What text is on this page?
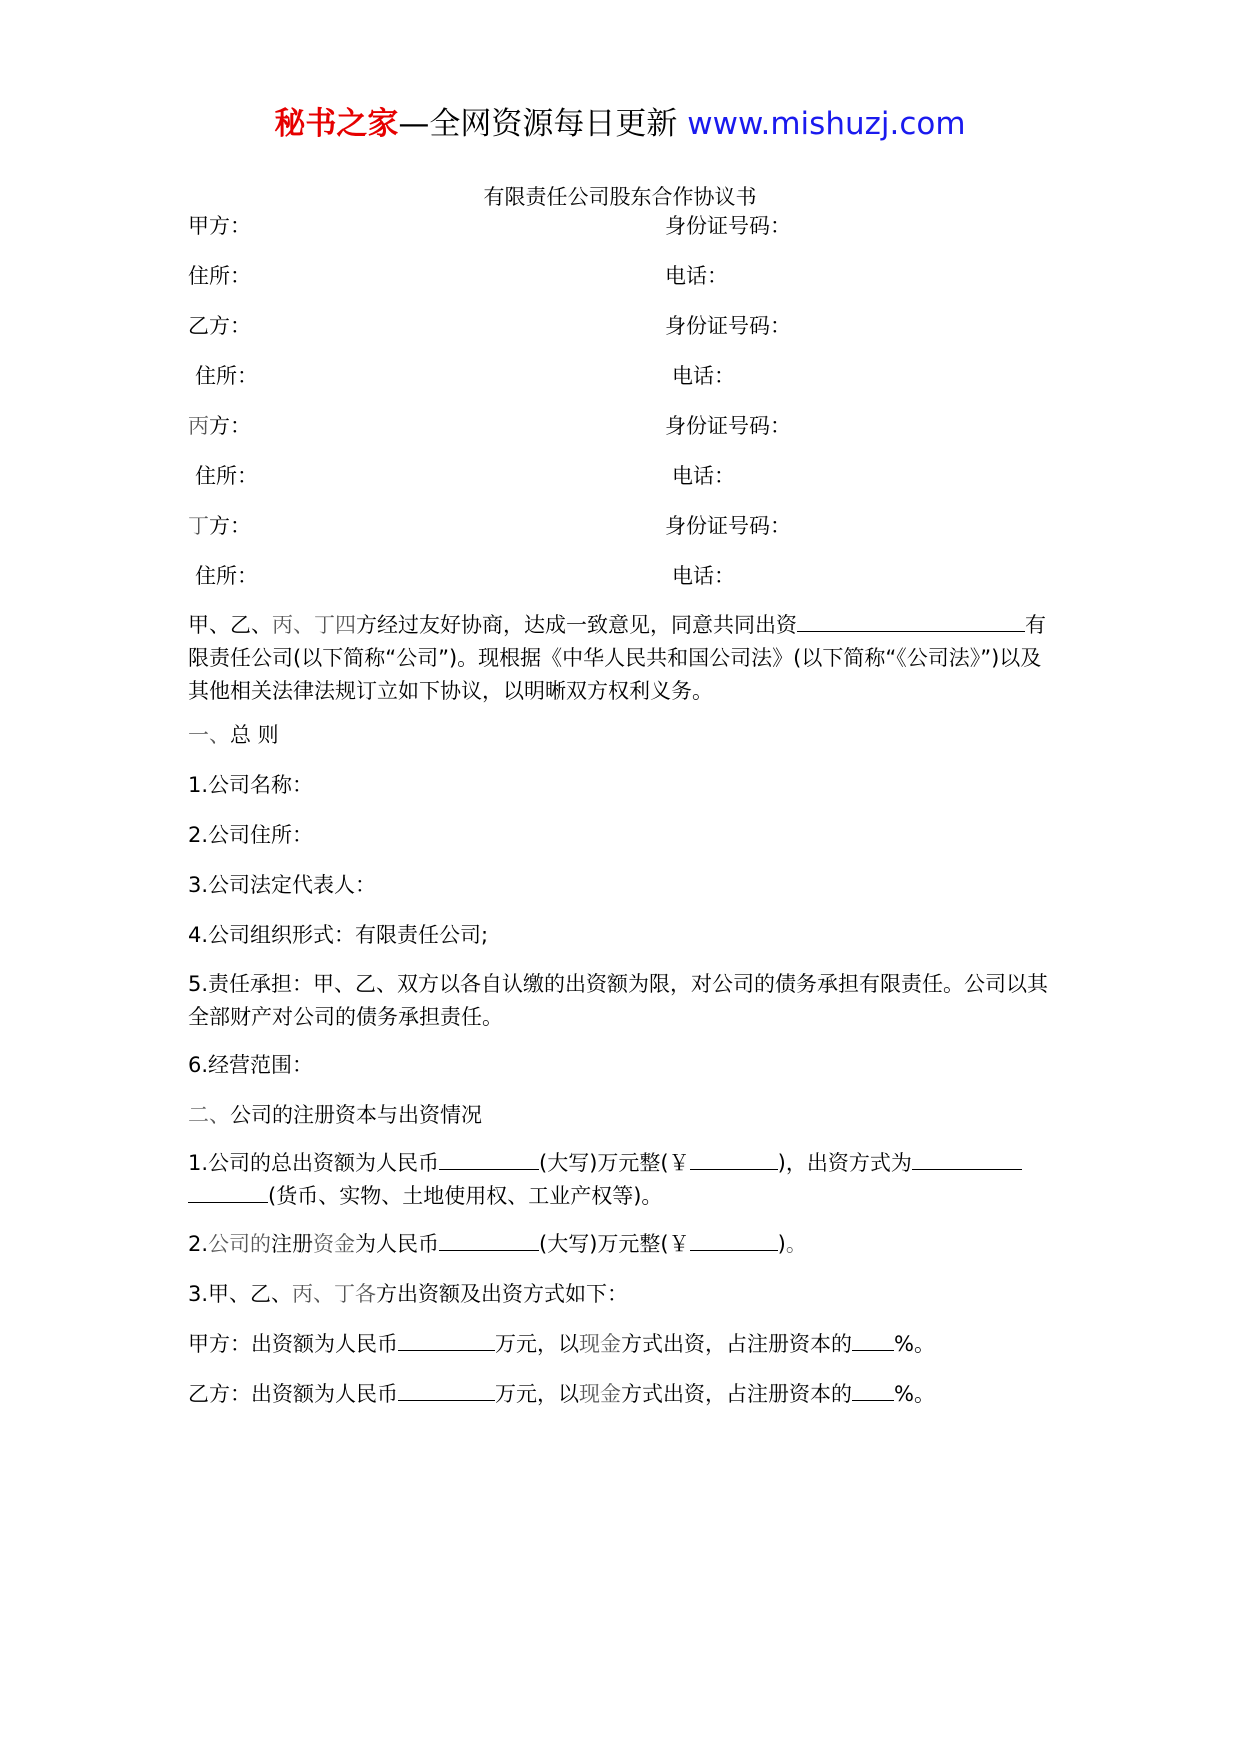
秘书之家—全网资源每日更新 www.mishuzj.com
有限责任公司股东合作协议书
甲方：	身份证号码：
住所：	电话：
乙方：	身份证号码：
住所：	电话：
丙方：	身份证号码：
住所：	电话：
丁方：	身份证号码：
住所：	电话：
甲、乙、丙、丁四方经过友好协商，达成一致意见，同意共同出资	有限责任公司(以下简称“公司”)。现根据《中华人民共和国公司法》(以下简称“《公司法》”)以及其他相关法律法规订立如下协议，以明晰双方权利义务。
一、总 则
1.公司名称：
2.公司住所：
3.公司法定代表人：
4.公司组织形式：有限责任公司;
5.责任承担：甲、乙、双方以各自认缴的出资额为限，对公司的债务承担有限责任。公司以其全部财产对公司的债务承担责任。
6.经营范围：
二、公司的注册资本与出资情况
1.公司的总出资额为人民币	(大写)万元整(￥	)，出资方式为(货币、实物、土地使用权、工业产权等)。
2.公司的注册资金为人民币	(大写)万元整(￥	)。
3.甲、乙、丙、丁各方出资额及出资方式如下：
甲方：出资额为人民币	万元，以现金方式出资，占注册资本的 %。
乙方：出资额为人民币	万元，以现金方式出资，占注册资本的 %。
